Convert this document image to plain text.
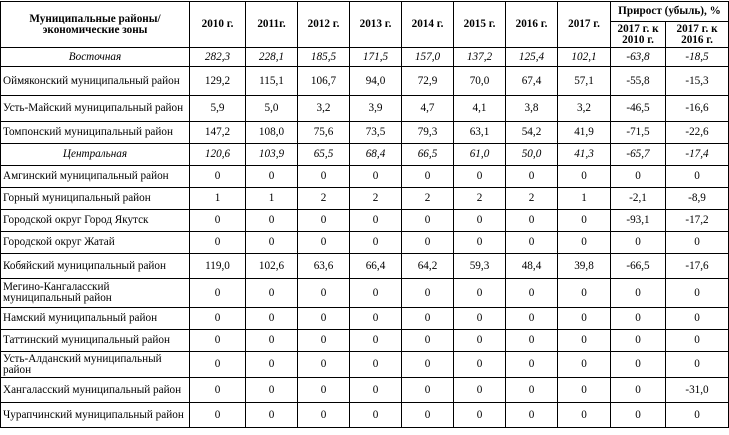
Муниципальные районы/ экономические зоны	2010 г.	2011г.	2012 г.	2013 г.	2014 г.	2015 г.	2016 г.	2017 г.	Прирост (убыль), %	
									2017 г. к 2010 г.	2017 г. к 2016 г.
Восточная	282,3	228,1	185,5	171,5	157,0	137,2	125,4	102,1	-63,8	-18,5
Оймяконский муниципальный район	129,2	115,1	106,7	94,0	72,9	70,0	67,4	57,1	-55,8	-15,3
Усть-Майский муниципальный район	5,9	5,0	3,2	3,9	4,7	4,1	3,8	3,2	-46,5	-16,6
Томпонский муниципальный район	147,2	108,0	75,6	73,5	79,3	63,1	54,2	41,9	-71,5	-22,6
Центральная	120,6	103,9	65,5	68,4	66,5	61,0	50,0	41,3	-65,7	-17,4
Амгинский муниципальный район	0	0	0	0	0	0	0	0	0	0
Горный муниципальный район	1	1	2	2	2	2	2	1	-2,1	-8,9
Городской округ Город Якутск	0	0	0	0	0	0	0	0	-93,1	-17,2
Городской округ Жатай	0	0	0	0	0	0	0	0	0	0
Кобяйский муниципальный район	119,0	102,6	63,6	66,4	64,2	59,3	48,4	39,8	-66,5	-17,6
Мегино-Кангаласский муниципальный район	0	0	0	0	0	0	0	0	0	0
Намский муниципальный район	0	0	0	0	0	0	0	0	0	0
Таттинский муниципальный район	0	0	0	0	0	0	0	0	0	0
Усть-Алданский муниципальный район	0	0	0	0	0	0	0	0	0	0
Хангаласский муниципальный район	0	0	0	0	0	0	0	0	0	-31,0
Чурапчинский муниципальный район	0	0	0	0	0	0	0	0	0	0
